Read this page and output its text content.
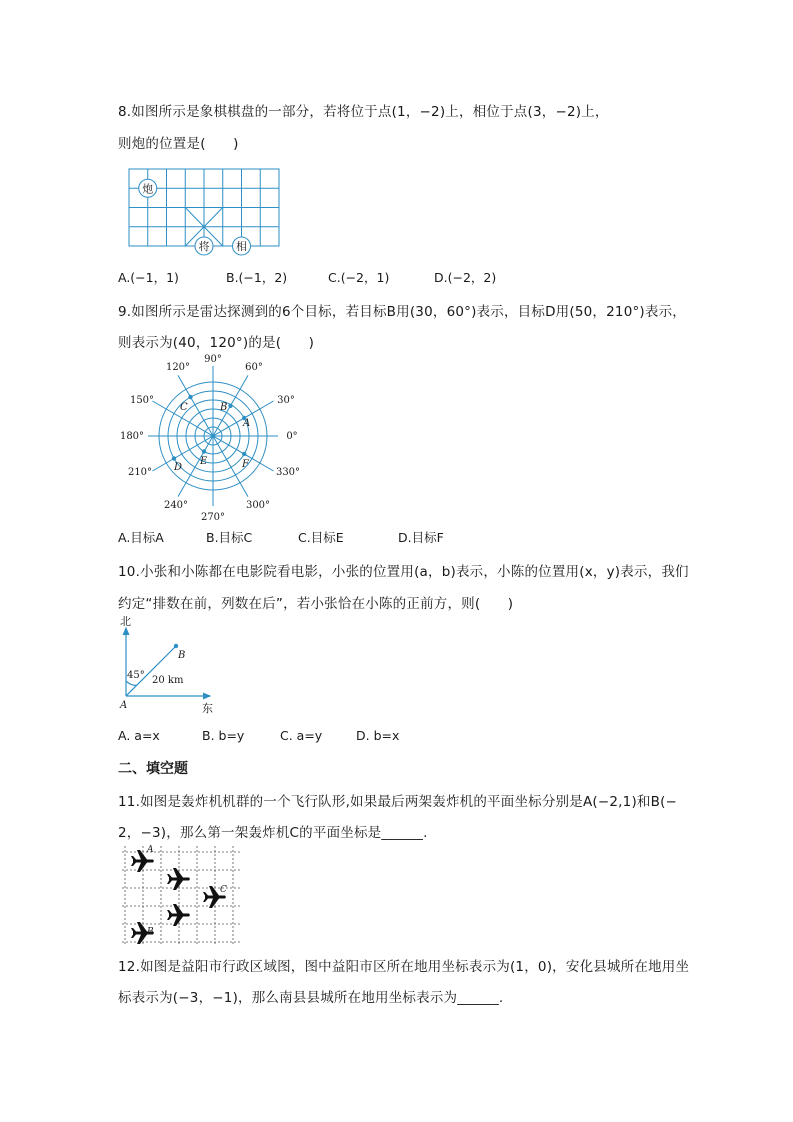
8.如图所示是象棋棋盘的一部分，若将位于点(1，−2)上，相位于点(3，−2)上，
则炮的位置是(　　)
炮
将 相
A.(−1，1)	B.(−1，2)	C.(−2，1)	D.(−2，2)
9.如图所示是雷达探测到的6个目标，若目标B用(30，60°)表示，目标D用(50，210°)表示，
则表示为(40，120°)的是(　　)
90°
60°
120°
150°	30°
180°	0°
210°	330°
240°	300°
270°
A
B
C
D
E	F
A.目标A	B.目标C	C.目标E	D.目标F
10.小张和小陈都在电影院看电影，小张的位置用(a，b)表示，小陈的位置用(x，y)表示，我们
约定“排数在前，列数在后”，若小张恰在小陈的正前方，则(　　)
北
东
45° 20 km
A
B
A. a=x	B. b=y	C. a=y	D. b=x
二、填空题
11.如图是轰炸机机群的一个飞行队形,如果最后两架轰炸机的平面坐标分别是A(−2,1)和B(−
2，−3)，那么第一架轰炸机C的平面坐标是______.
A
B
C
12.如图是益阳市行政区域图，图中益阳市区所在地用坐标表示为(1，0)，安化县城所在地用坐
标表示为(−3，−1)，那么南县县城所在地用坐标表示为______.
